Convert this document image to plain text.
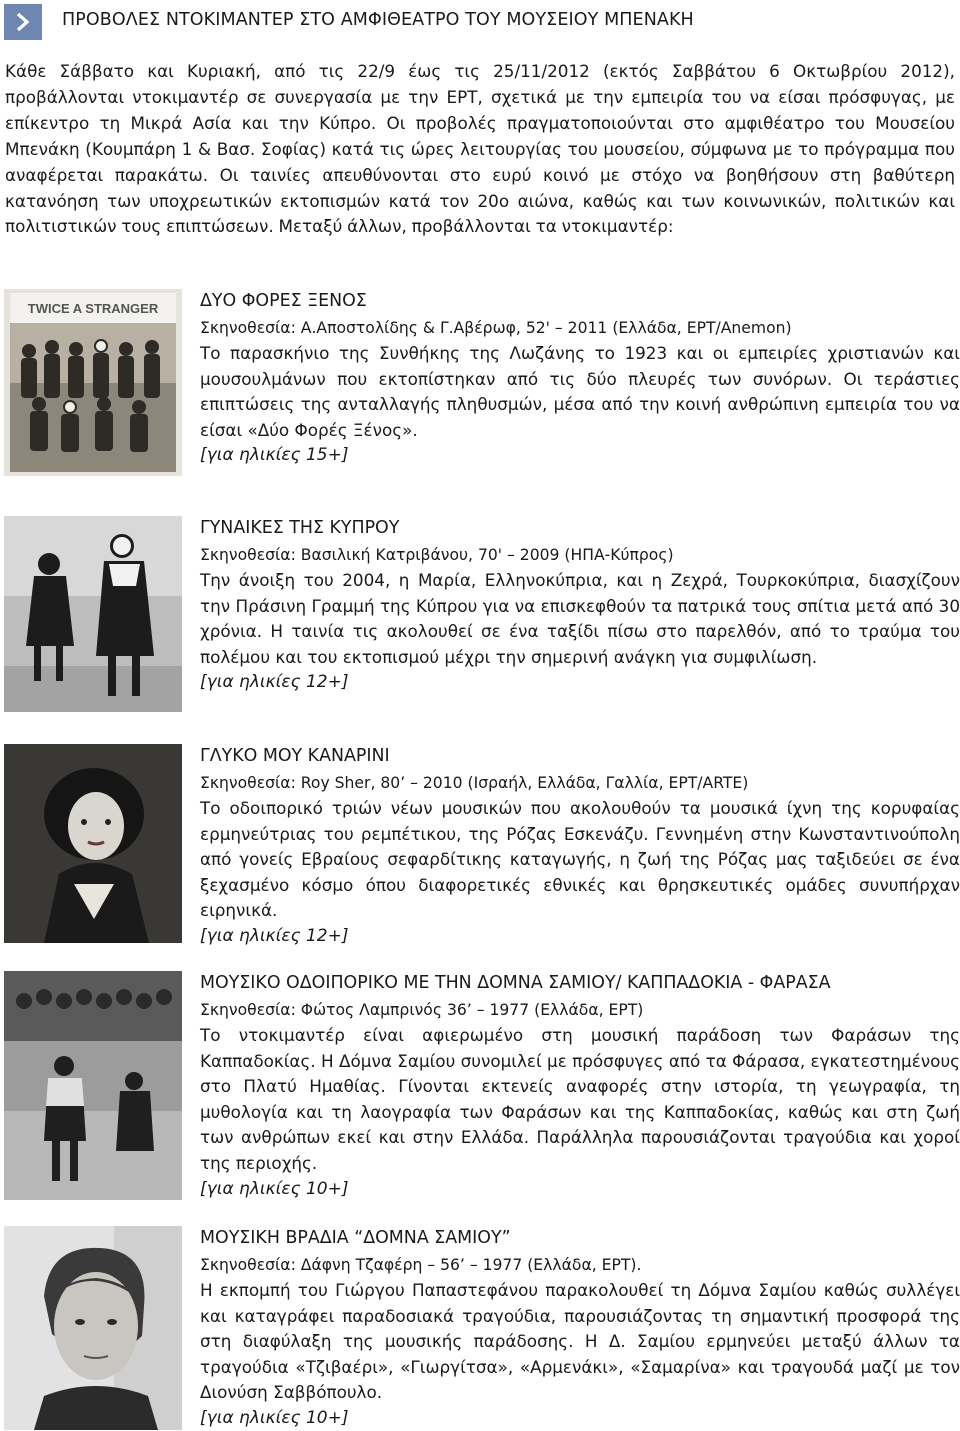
ΠΡΟΒΟΛΕΣ ΝΤΟΚΙΜΑΝΤΕΡ ΣΤΟ ΑΜΦΙΘΕΑΤΡΟ ΤΟΥ ΜΟΥΣΕΙΟΥ ΜΠΕΝΑΚΗ
Κάθε Σάββατο και Κυριακή, από τις 22/9 έως τις 25/11/2012 (εκτός Σαββάτου 6 Οκτωβρίου 2012), προβάλλονται ντοκιμαντέρ σε συνεργασία με την ΕΡΤ, σχετικά με την εμπειρία του να είσαι πρόσφυγας, με επίκεντρο τη Μικρά Ασία και την Κύπρο. Οι προβολές πραγματοποιούνται στο αμφιθέατρο του Μουσείου Μπενάκη (Κουμπάρη 1 & Βασ. Σοφίας) κατά τις ώρες λειτουργίας του μουσείου, σύμφωνα με το πρόγραμμα που αναφέρεται παρακάτω. Οι ταινίες απευθύνονται στο ευρύ κοινό με στόχο να βοηθήσουν στη βαθύτερη κατανόηση των υποχρεωτικών εκτοπισμών κατά τον 20ο αιώνα, καθώς και των κοινωνικών, πολιτικών και πολιτιστικών τους επιπτώσεων. Μεταξύ άλλων, προβάλλονται τα ντοκιμαντέρ:
TWICE A STRANGER ΔΥΟ ΦΟΡΕΣ ΞΕΝΟΣ
Σκηνοθεσία: Α.Αποστολίδης & Γ.Αβέρωφ, 52' – 2011 (Ελλάδα, ΕΡΤ/Anemon)
Το παρασκήνιο της Συνθήκης της Λωζάνης το 1923 και οι εμπειρίες χριστιανών και μουσουλμάνων που εκτοπίστηκαν από τις δύο πλευρές των συνόρων. Οι τεράστιες επιπτώσεις της ανταλλαγής πληθυσμών, μέσα από την κοινή ανθρώπινη εμπειρία του να είσαι «Δύο Φορές Ξένος».
[για ηλικίες 15+]
ΓΥΝΑΙΚΕΣ ΤΗΣ ΚΥΠΡΟΥ
Σκηνοθεσία: Βασιλική Κατριβάνου, 70' – 2009 (ΗΠΑ-Κύπρος)
Την άνοιξη του 2004, η Μαρία, Ελληνοκύπρια, και η Ζεχρά, Τουρκοκύπρια, διασχίζουν την Πράσινη Γραμμή της Κύπρου για να επισκεφθούν τα πατρικά τους σπίτια μετά από 30 χρόνια. Η ταινία τις ακολουθεί σε ένα ταξίδι πίσω στο παρελθόν, από το τραύμα του πολέμου και του εκτοπισμού μέχρι την σημερινή ανάγκη για συμφιλίωση.
[για ηλικίες 12+]
ΓΛΥΚΟ ΜΟΥ ΚΑΝΑΡΙΝΙ
Σκηνοθεσία: Roy Sher, 80’ – 2010 (Ισραήλ, Ελλάδα, Γαλλία, ΕΡΤ/ARTE)
Το οδοιπορικό τριών νέων μουσικών που ακολουθούν τα μουσικά ίχνη της κορυφαίας ερμηνεύτριας του ρεμπέτικου, της Ρόζας Εσκενάζυ. Γεννημένη στην Κωνσταντινούπολη από γονείς Εβραίους σεφαρδίτικης καταγωγής, η ζωή της Ρόζας μας ταξιδεύει σε ένα ξεχασμένο κόσμο όπου διαφορετικές εθνικές και θρησκευτικές ομάδες συνυπήρχαν ειρηνικά.
[για ηλικίες 12+]
ΜΟΥΣΙΚΟ ΟΔΟΙΠΟΡΙΚΟ ΜΕ ΤΗΝ ΔΟΜΝΑ ΣΑΜΙΟΥ/ ΚΑΠΠΑΔΟΚΙΑ - ΦΑΡΑΣΑ
Σκηνοθεσία: Φώτος Λαμπρινός 36’ – 1977 (Ελλάδα, ΕΡΤ)
Το ντοκιμαντέρ είναι αφιερωμένο στη μουσική παράδοση των Φαράσων της Καππαδοκίας. Η Δόμνα Σαμίου συνομιλεί με πρόσφυγες από τα Φάρασα, εγκατεστημένους στο Πλατύ Ημαθίας. Γίνονται εκτενείς αναφορές στην ιστορία, τη γεωγραφία, τη μυθολογία και τη λαογραφία των Φαράσων και της Καππαδοκίας, καθώς και στη ζωή των ανθρώπων εκεί και στην Ελλάδα. Παράλληλα παρουσιάζονται τραγούδια και χοροί της περιοχής.
[για ηλικίες 10+]
ΜΟΥΣΙΚΗ ΒΡΑΔΙΑ “ΔΟΜΝΑ ΣΑΜΙΟΥ”
Σκηνοθεσία: Δάφνη Τζαφέρη – 56’ – 1977 (Ελλάδα, ΕΡΤ).
Η εκπομπή του Γιώργου Παπαστεφάνου παρακολουθεί τη Δόμνα Σαμίου καθώς συλλέγει και καταγράφει παραδοσιακά τραγούδια, παρουσιάζοντας τη σημαντική προσφορά της στη διαφύλαξη της μουσικής παράδοσης. Η Δ. Σαμίου ερμηνεύει μεταξύ άλλων τα τραγούδια «Τζιβαέρι», «Γιωργίτσα», «Αρμενάκι», «Σαμαρίνα» και τραγουδά μαζί με τον Διονύση Σαββόπουλο.
[για ηλικίες 10+]
